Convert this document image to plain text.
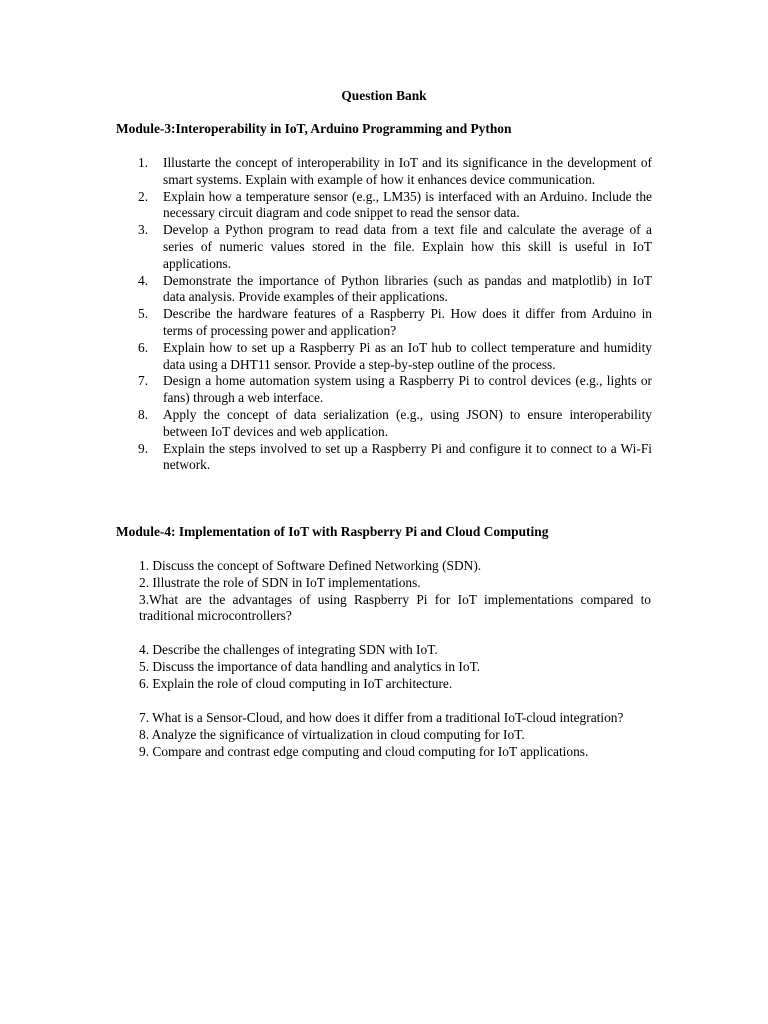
Question Bank
Module-3:Interoperability in IoT, Arduino Programming and Python
1. Illustarte the concept of interoperability in IoT and its significance in the development of smart systems. Explain with example of how it enhances device communication.
2. Explain how a temperature sensor (e.g., LM35) is interfaced with an Arduino. Include the necessary circuit diagram and code snippet to read the sensor data.
3. Develop a Python program to read data from a text file and calculate the average of a series of numeric values stored in the file. Explain how this skill is useful in IoT applications.
4. Demonstrate the importance of Python libraries (such as pandas and matplotlib) in IoT data analysis. Provide examples of their applications.
5. Describe the hardware features of a Raspberry Pi. How does it differ from Arduino in terms of processing power and application?
6. Explain how to set up a Raspberry Pi as an IoT hub to collect temperature and humidity data using a DHT11 sensor. Provide a step-by-step outline of the process.
7. Design a home automation system using a Raspberry Pi to control devices (e.g., lights or fans) through a web interface.
8. Apply the concept of data serialization (e.g., using JSON) to ensure interoperability between IoT devices and web application.
9. Explain the steps involved to set up a Raspberry Pi and configure it to connect to a Wi-Fi network.
Module-4: Implementation of IoT with Raspberry Pi and Cloud Computing

1. Discuss the concept of Software Defined Networking (SDN).

2. Illustrate the role of SDN in IoT implementations.

3.What are the advantages of using Raspberry Pi for IoT implementations compared to traditional microcontrollers?

4. Describe the challenges of integrating SDN with IoT.

5. Discuss the importance of data handling and analytics in IoT.

6. Explain the role of cloud computing in IoT architecture.

7. What is a Sensor-Cloud, and how does it differ from a traditional IoT-cloud integration?

8. Analyze the significance of virtualization in cloud computing for IoT.

9. Compare and contrast edge computing and cloud computing for IoT applications.
